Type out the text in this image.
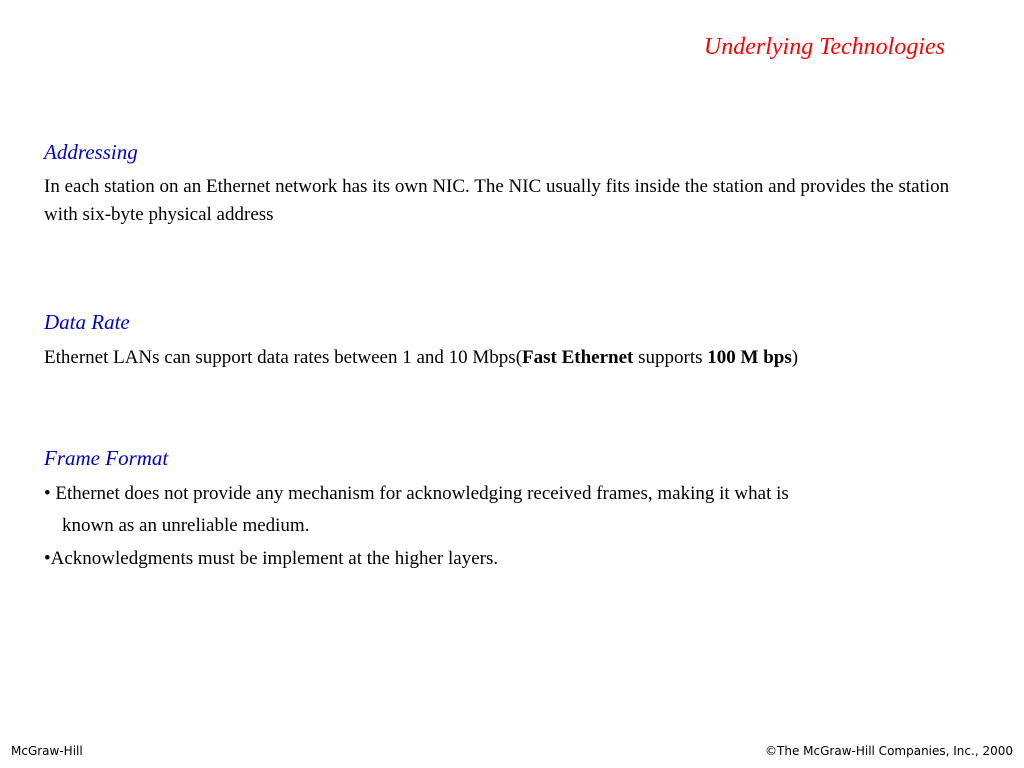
Underlying Technologies
Addressing
In each station on an Ethernet network has its own NIC. The NIC usually fits inside the station and provides the station with six-byte physical address
Data Rate
Ethernet LANs can support data rates between 1 and 10 Mbps(Fast Ethernet supports 100 M bps)
Frame Format
• Ethernet does not provide any mechanism for acknowledging received frames, making it what is
known as an unreliable medium.
•Acknowledgments must be implement at the higher layers.
McGraw-Hill	©The McGraw-Hill Companies, Inc., 2000
